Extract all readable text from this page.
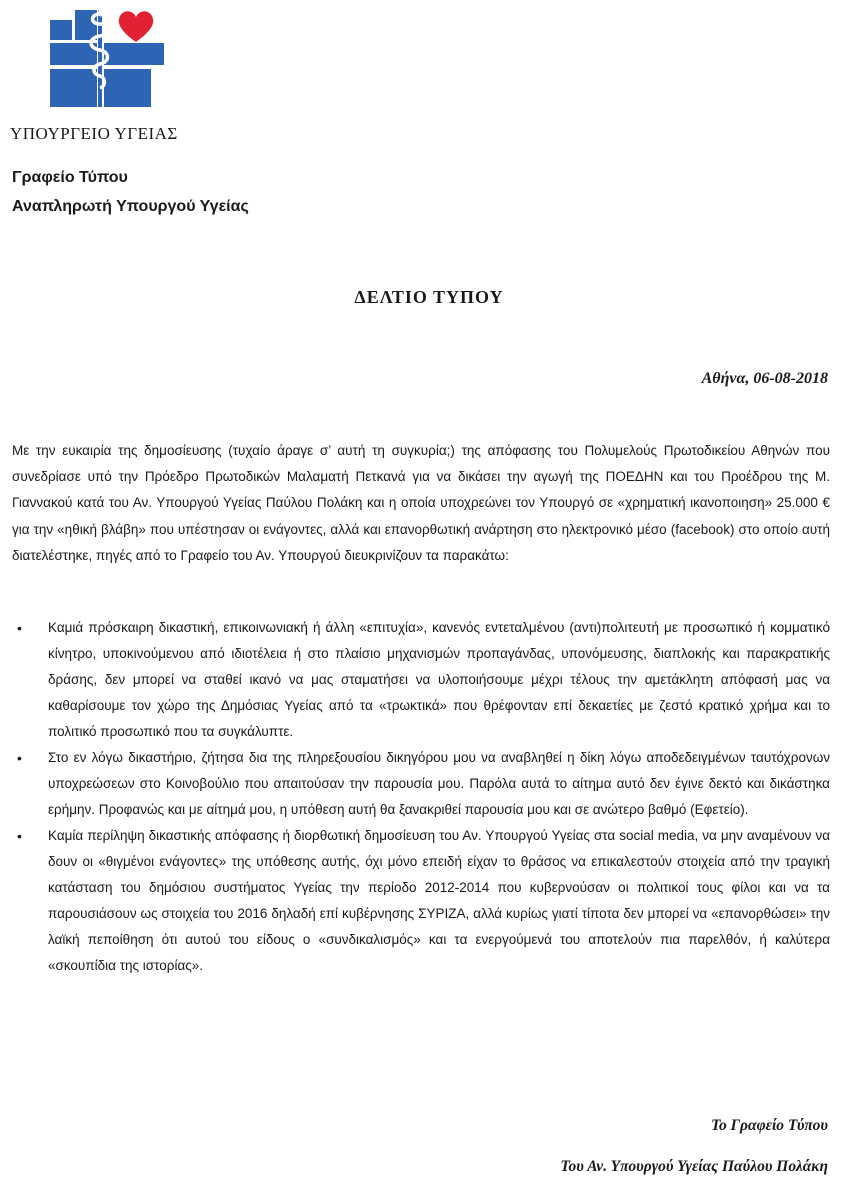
ΥΠΟΥΡΓΕΙΟ ΥΓΕΙΑΣ
Γραφείο Τύπου
Αναπληρωτή Υπουργού Υγείας
ΔΕΛΤΙΟ ΤΥΠΟΥ
Αθήνα, 06-08-2018

Με την ευκαιρία της δημοσίευσης (τυχαίο άραγε σ’ αυτή τη συγκυρία;) της απόφασης του Πολυμελούς Πρωτοδικείου Αθηνών που συνεδρίασε υπό την Πρόεδρο Πρωτοδικών Μαλαματή Πετκανά για να δικάσει την αγωγή της ΠΟΕΔΗΝ και του Προέδρου της Μ. Γιαννακού κατά του Αν. Υπουργού Υγείας Παύλου Πολάκη και η οποία υποχρεώνει τον Υπουργό σε «χρηματική ικανοποιηση» 25.000 € για την «ηθική βλάβη» που υπέστησαν οι ενάγοντες, αλλά και επανορθωτική ανάρτηση στο ηλεκτρονικό μέσο (facebook) στο οποίο αυτή διατελέστηκε, πηγές από το Γραφείο του Αν. Υπουργού διευκρινίζουν τα παρακάτω:

• Καμιά πρόσκαιρη δικαστική, επικοινωνιακή ή άλλη «επιτυχία», κανενός εντεταλμένου (αντι)πολιτευτή με προσωπικό ή κομματικό κίνητρο, υποκινούμενου από ιδιοτέλεια ή στο πλαίσιο μηχανισμών προπαγάνδας, υπονόμευσης, διαπλοκής και παρακρατικής δράσης, δεν μπορεί να σταθεί ικανό να μας σταματήσει να υλοποιήσουμε μέχρι τέλους την αμετάκλητη απόφασή μας να καθαρίσουμε τον χώρο της Δημόσιας Υγείας από τα «τρωκτικά» που θρέφονταν επί δεκαετίες με ζεστό κρατικό χρήμα και το πολιτικό προσωπικό που τα συγκάλυπτε.
• Στο εν λόγω δικαστήριο, ζήτησα δια της πληρεξουσίου δικηγόρου μου να αναβληθεί η δίκη λόγω αποδεδειγμένων ταυτόχρονων υποχρεώσεων στο Κοινοβούλιο που απαιτούσαν την παρουσία μου. Παρόλα αυτά το αίτημα αυτό δεν έγινε δεκτό και δικάστηκα ερήμην. Προφανώς και με αίτημά μου, η υπόθεση αυτή θα ξανακριθεί παρουσία μου και σε ανώτερο βαθμό (Εφετείο).
• Καμία περίληψη δικαστικής απόφασης ή διορθωτική δημοσίευση του Αν. Υπουργού Υγείας στα social media, να μην αναμένουν να δουν οι «θιγμένοι ενάγοντες» της υπόθεσης αυτής, όχι μόνο επειδή είχαν το θράσος να επικαλεστούν στοιχεία από την τραγική κατάσταση του δημόσιου συστήματος Υγείας την περίοδο 2012-2014 που κυβερνούσαν οι πολιτικοί τους φίλοι και να τα παρουσιάσουν ως στοιχεία του 2016 δηλαδή επί κυβέρνησης ΣΥΡΙΖΑ, αλλά κυρίως γιατί τίποτα δεν μπορεί να «επανορθώσει» την λαϊκή πεποίθηση ότι αυτού του είδους ο «συνδικαλισμός» και τα ενεργούμενά του αποτελούν πια παρελθόν, ή καλύτερα «σκουπίδια της ιστορίας».
Το Γραφείο Τύπου
Του Αν. Υπουργού Υγείας Παύλου Πολάκη
